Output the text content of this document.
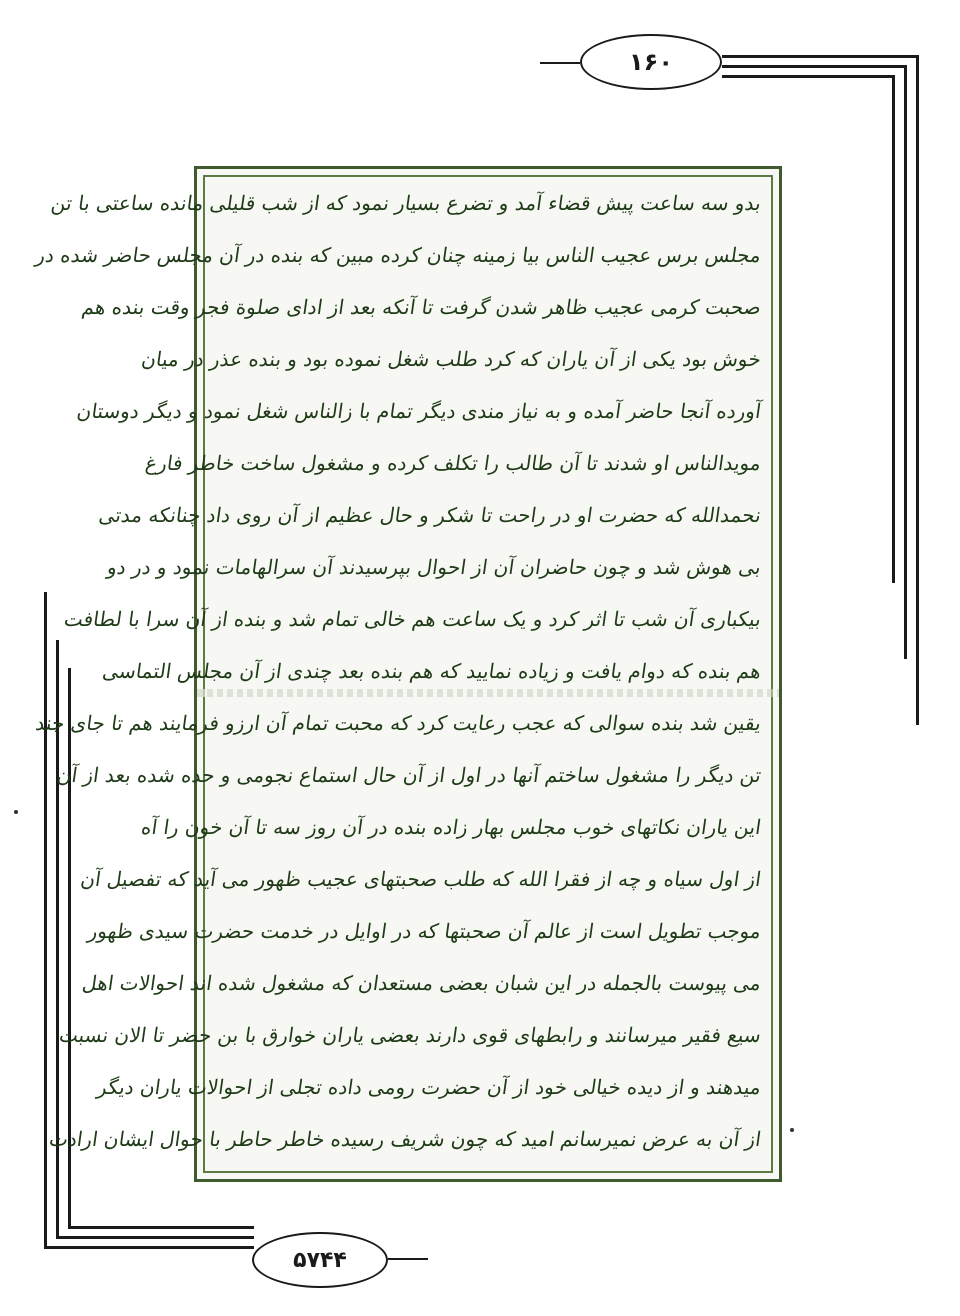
۱۶۰
۵۷۴۴
بدو سه ساعت پیش قضاء آمد و تضرع بسیار نمود که از شب قلیلی مانده ساعتی با تن
مجلس برس عجیب الناس بیا زمینه چنان کرده مبین که بنده در آن مجلس حاضر شده در
صحبت کرمی عجیب ظاهر شدن گرفت تا آنکه بعد از ادای صلوة فجر وقت بنده هم
خوش بود یکی از آن یاران که کرد طلب شغل نموده بود و بنده عذر در میان
آورده آنجا حاضر آمده و به نیاز مندی دیگر تمام با زالناس شغل نمود و دیگر دوستان
مویدالناس او شدند تا آن طالب را تکلف کرده و مشغول ساخت خاطر فارغ
نحمدالله که حضرت او در راحت تا شکر و حال عظیم از آن روی داد چنانکه مدتی
بی هوش شد و چون حاضران آن از احوال بپرسیدند آن سرالهامات نمود و در دو
بیکباری آن شب تا اثر کرد و یک ساعت هم خالی تمام شد و بنده از آن سرا با لطافت
هم بنده که دوام یافت و زیاده نمایید که هم بنده بعد چندی از آن مجلس التماسی
یقین شد بنده سوالی که عجب رعایت کرد که محبت تمام آن ارزو فرمایند هم تا جای چند
تن دیگر را مشغول ساختم آنها در اول از آن حال استماع نجومی و حده شده بعد از آن
این یاران نکاتهای خوب مجلس بهار زاده بنده در آن روز سه تا آن خون را آه
از اول سیاه و چه از فقرا الله که طلب صحبتهای عجیب ظهور می آید که تفصیل آن
موجب تطویل است از عالم آن صحبتها که در اوایل در خدمت حضرت سیدی ظهور
می پیوست بالجمله در این شبان بعضی مستعدان که مشغول شده اند احوالات اهل
سیع فقیر میرسانند و رابطهای قوی دارند بعضی یاران خوارق با بن حضر تا الان نسبت
میدهند و از دیده خیالی خود از آن حضرت رومی داده تجلی از احوالات یاران دیگر
از آن به عرض نمیرسانم امید که چون شریف رسیده خاطر حاطر با حوال ایشان ارادت
